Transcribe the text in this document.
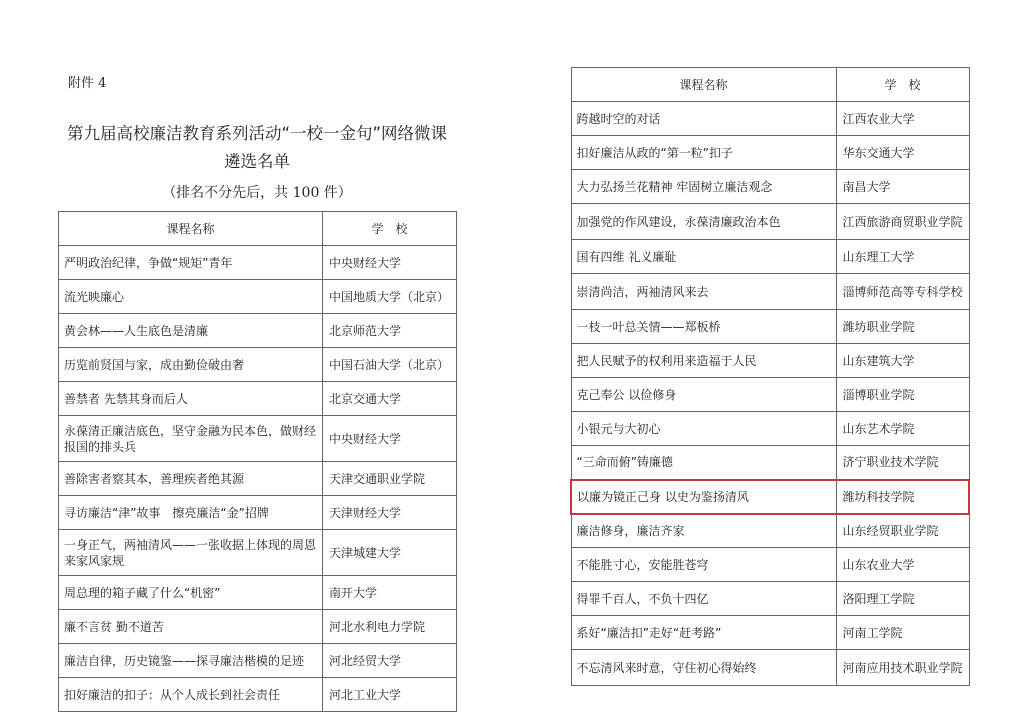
附件 4
第九届高校廉洁教育系列活动“一校一金句”网络微课
遴选名单
（排名不分先后，共 100 件）
课程名称	学　校
严明政治纪律，争做“规矩”青年	中央财经大学
流光映廉心	中国地质大学（北京）
黄会林——人生底色是清廉	北京师范大学
历览前贤国与家，成由勤俭破由奢	中国石油大学（北京）
善禁者 先禁其身而后人	北京交通大学
永葆清正廉洁底色，坚守金融为民本色，做财经报国的排头兵	中央财经大学
善除害者察其本，善理疾者绝其源	天津交通职业学院
寻访廉洁“津”故事　擦亮廉洁“金”招牌	天津财经大学
一身正气，两袖清风——一张收据上体现的周恩来家风家规	天津城建大学
周总理的箱子藏了什么“机密”	南开大学
廉不言贫 勤不道苦	河北水利电力学院
廉洁自律，历史镜鉴——探寻廉洁楷模的足迹	河北经贸大学
扣好廉洁的扣子：从个人成长到社会责任	河北工业大学
课程名称	学　校
跨越时空的对话	江西农业大学
扣好廉洁从政的“第一粒”扣子	华东交通大学
大力弘扬兰花精神 牢固树立廉洁观念	南昌大学
加强党的作风建设，永葆清廉政治本色	江西旅游商贸职业学院
国有四维 礼义廉耻	山东理工大学
崇清尚洁，两袖清风来去	淄博师范高等专科学校
一枝一叶总关情——郑板桥	潍坊职业学院
把人民赋予的权利用来造福于人民	山东建筑大学
克己奉公 以俭修身	淄博职业学院
小银元与大初心	山东艺术学院
“三命而俯”铸廉德	济宁职业技术学院
以廉为镜正己身 以史为鉴扬清风	潍坊科技学院
廉洁修身，廉洁齐家	山东经贸职业学院
不能胜寸心，安能胜苍穹	山东农业大学
得罪千百人，不负十四亿	洛阳理工学院
系好“廉洁扣”走好“赶考路”	河南工学院
不忘清风来时意，守住初心得始终	河南应用技术职业学院
